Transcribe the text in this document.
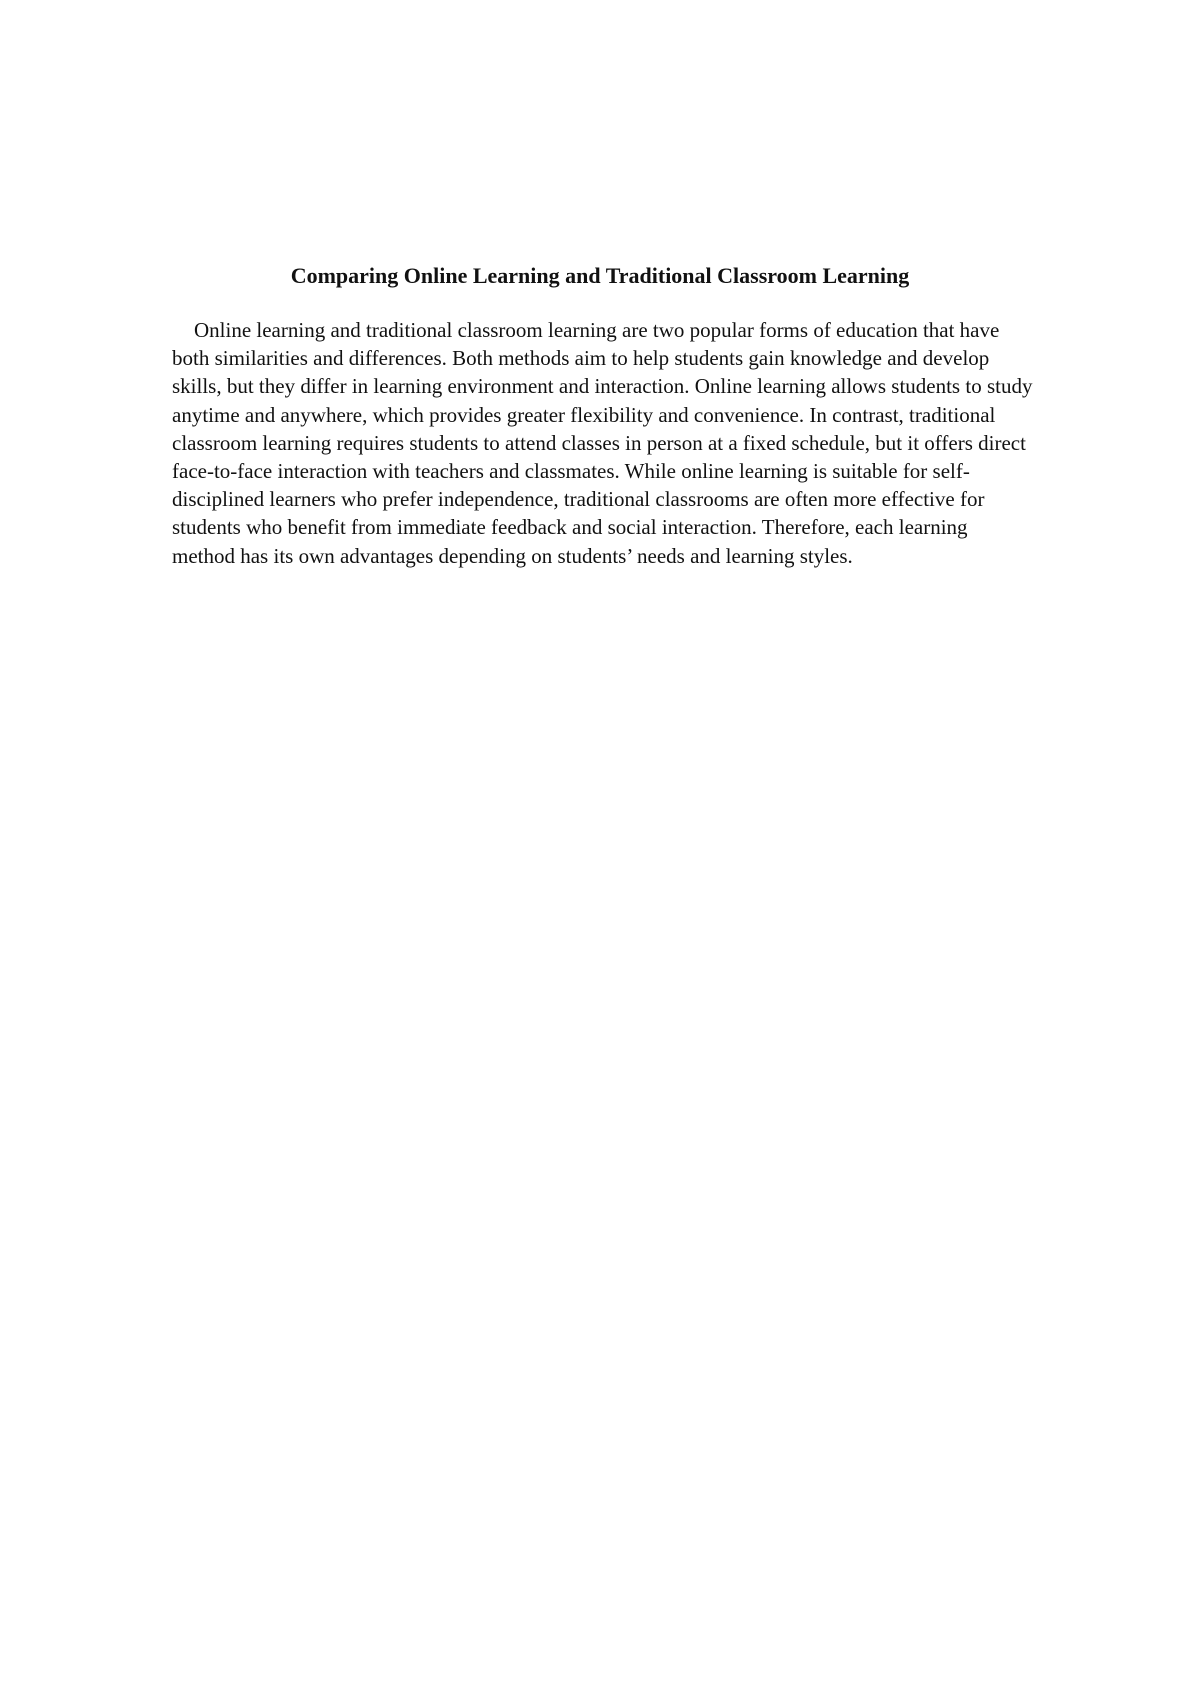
Comparing Online Learning and Traditional Classroom Learning

Online learning and traditional classroom learning are two popular forms of education that have both similarities and differences. Both methods aim to help students gain knowledge and develop skills, but they differ in learning environment and interaction. Online learning allows students to study anytime and anywhere, which provides greater flexibility and convenience. In contrast, traditional classroom learning requires students to attend classes in person at a fixed schedule, but it offers direct face-to-face interaction with teachers and classmates. While online learning is suitable for self-disciplined learners who prefer independence, traditional classrooms are often more effective for students who benefit from immediate feedback and social interaction. Therefore, each learning method has its own advantages depending on students’ needs and learning styles.
